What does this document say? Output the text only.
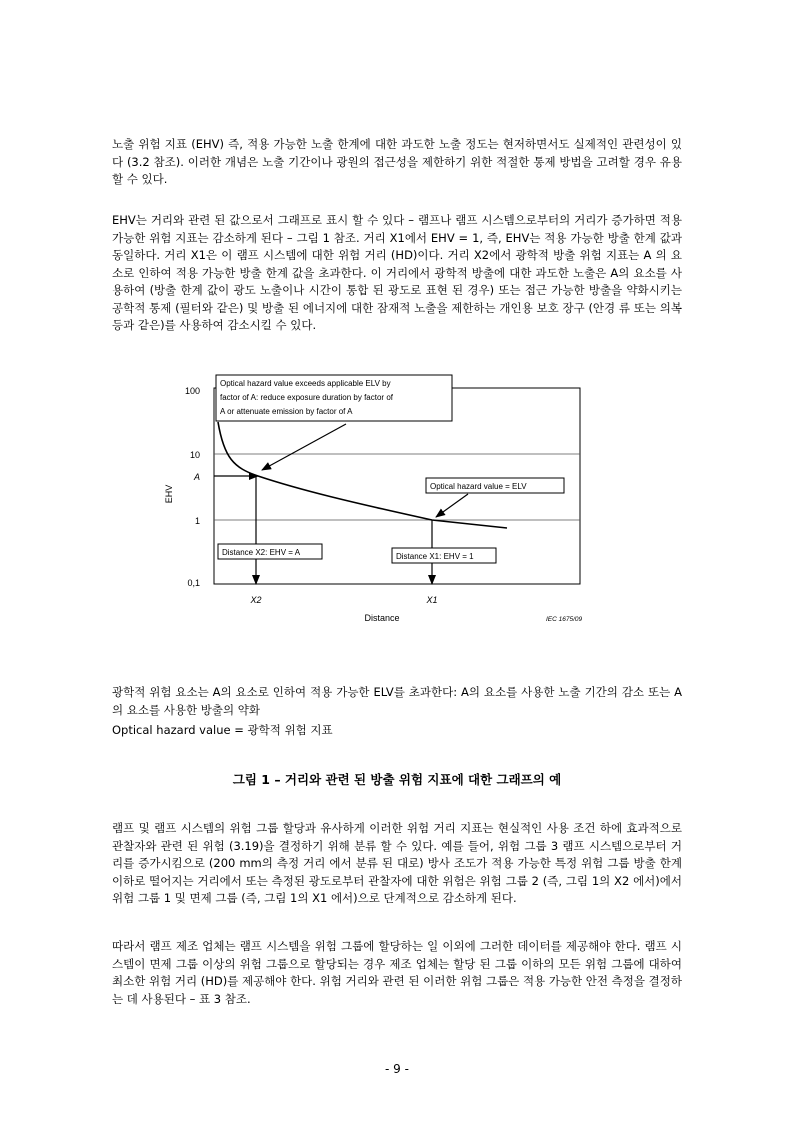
노출 위험 지표 (EHV) 즉, 적용 가능한 노출 한계에 대한 과도한 노출 정도는 현저하면서도 실제적인 관련성이 있다 (3.2 참조). 이러한 개념은 노출 기간이나 광원의 접근성을 제한하기 위한 적절한 통제 방법을 고려할 경우 유용 할 수 있다.

EHV는 거리와 관련 된 값으로서 그래프로 표시 할 수 있다 – 램프나 램프 시스템으로부터의 거리가 증가하면 적용 가능한 위험 지표는 감소하게 된다 – 그림 1 참조. 거리 X1에서 EHV = 1, 즉, EHV는 적용 가능한 방출 한계 값과 동일하다. 거리 X1은 이 램프 시스템에 대한 위험 거리 (HD)이다. 거리 X2에서 광학적 방출 위험 지표는 A 의 요소로 인하여 적용 가능한 방출 한계 값을 초과한다. 이 거리에서 광학적 방출에 대한 과도한 노출은 A의 요소를 사용하여 (방출 한계 값이 광도 노출이나 시간이 통합 된 광도로 표현 된 경우) 또는 접근 가능한 방출을 약화시키는 공학적 통제 (필터와 같은) 및 방출 된 에너지에 대한 잠재적 노출을 제한하는 개인용 보호 장구 (안경 류 또는 의복 등과 같은)를 사용하여 감소시킬 수 있다.

100
10
A
1
0,1
EHV
X2	X1
Distance	IEC 1675/09
Optical hazard value exceeds applicable ELV by
factor of A: reduce exposure duration by factor of
A or attenuate emission by factor of A
Optical hazard value = ELV
Distance X2: EHV = A	Distance X1: EHV = 1

광학적 위험 요소는 A의 요소로 인하여 적용 가능한 ELV를 초과한다: A의 요소를 사용한 노출 기간의 감소 또는 A의 요소를 사용한 방출의 약화

Optical hazard value = 광학적 위험 지표

그림 1 – 거리와 관련 된 방출 위험 지표에 대한 그래프의 예

램프 및 램프 시스템의 위험 그룹 할당과 유사하게 이러한 위험 거리 지표는 현실적인 사용 조건 하에 효과적으로 관찰자와 관련 된 위험 (3.19)을 결정하기 위해 분류 할 수 있다. 예를 들어, 위험 그룹 3 램프 시스템으로부터 거리를 증가시킴으로 (200 mm의 측정 거리 에서 분류 된 대로) 방사 조도가 적용 가능한 특정 위험 그룹 방출 한계 이하로 떨어지는 거리에서 또는 측정된 광도로부터 관찰자에 대한 위험은 위험 그룹 2 (즉, 그림 1의 X2 에서)에서 위험 그룹 1 및 면제 그룹 (즉, 그림 1의 X1 에서)으로 단계적으로 감소하게 된다.

따라서 램프 제조 업체는 램프 시스템을 위험 그룹에 할당하는 일 이외에 그러한 데이터를 제공해야 한다. 램프 시스템이 면제 그룹 이상의 위험 그룹으로 할당되는 경우 제조 업체는 할당 된 그룹 이하의 모든 위험 그룹에 대하여 최소한 위험 거리 (HD)를 제공해야 한다. 위험 거리와 관련 된 이러한 위험 그룹은 적용 가능한 안전 측정을 결정하는 데 사용된다 – 표 3 참조.

- 9 -
